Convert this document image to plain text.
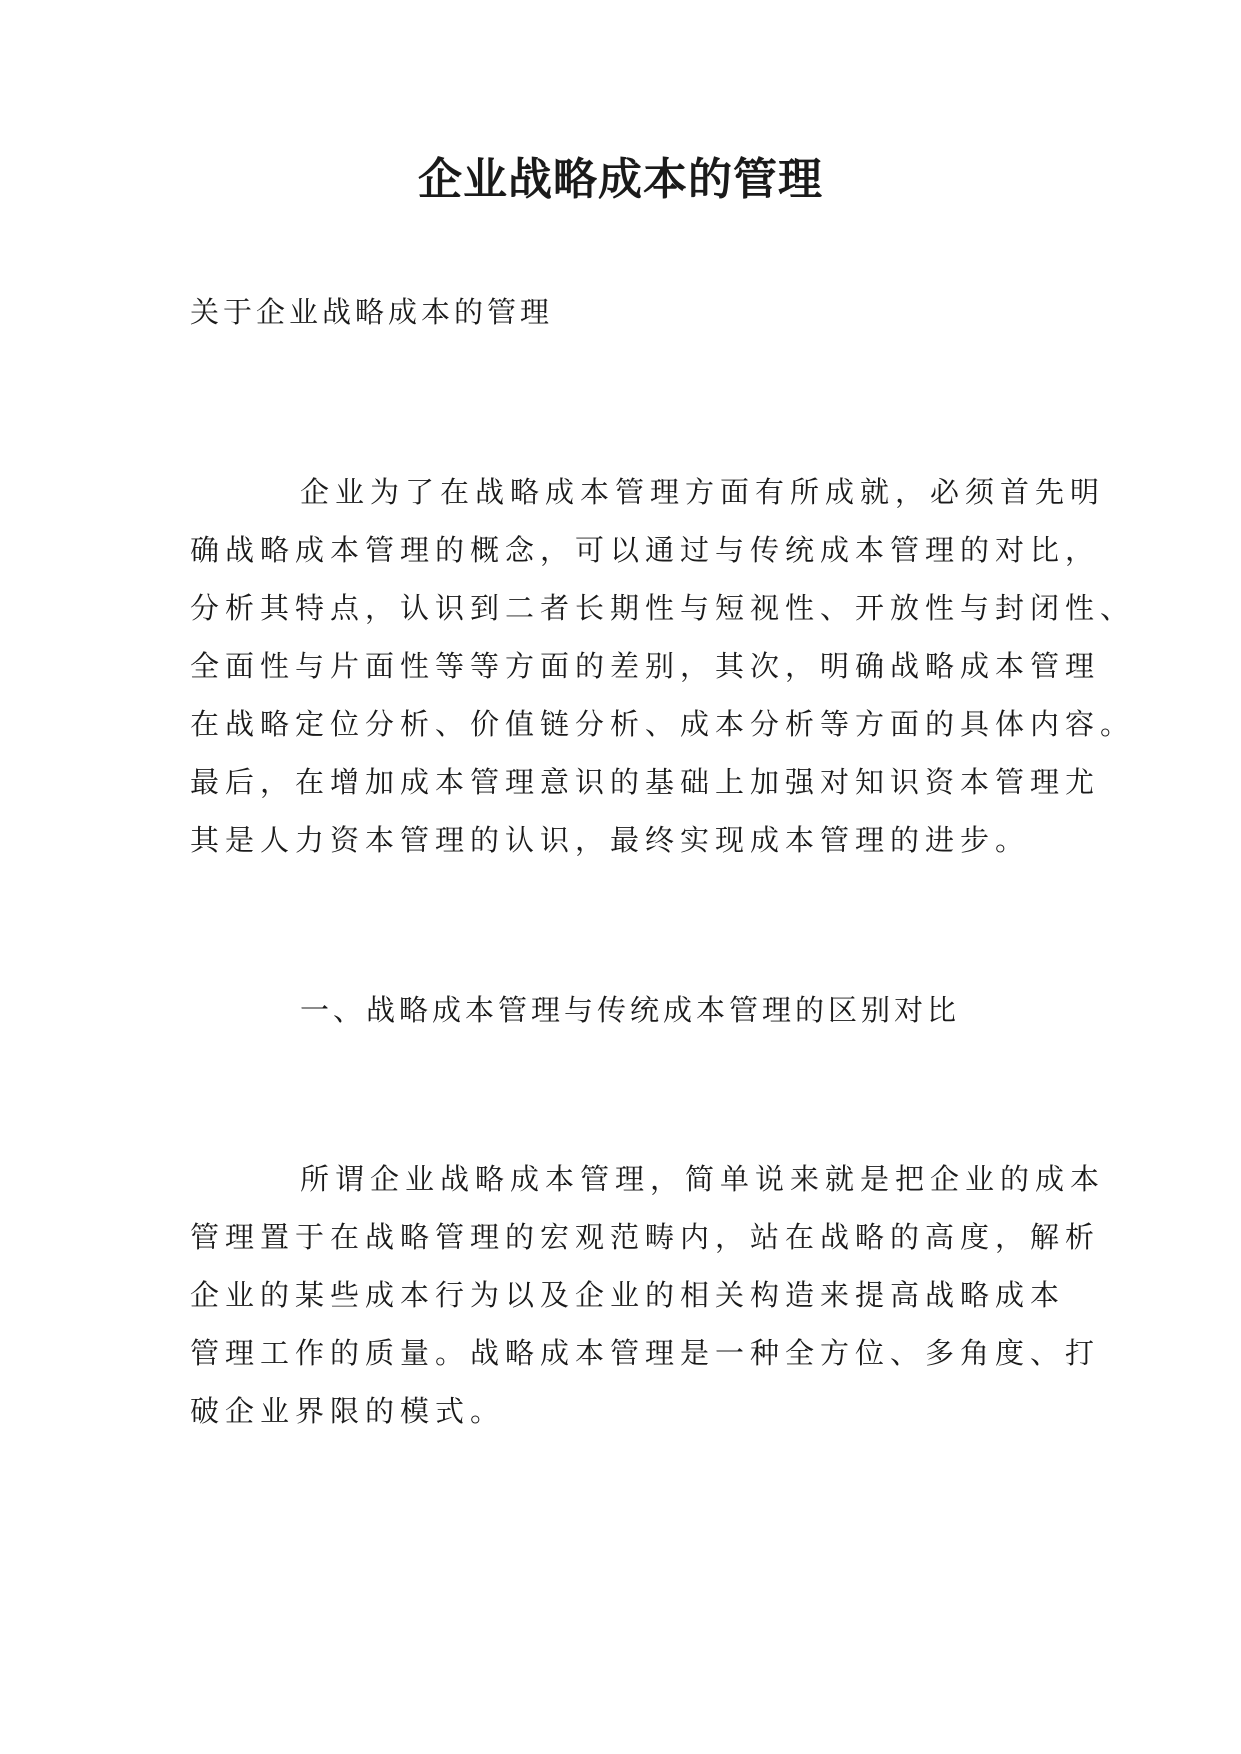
企业战略成本的管理

关于企业战略成本的管理

企业为了在战略成本管理方面有所成就，必须首先明
确战略成本管理的概念，可以通过与传统成本管理的对比，
分析其特点，认识到二者长期性与短视性、开放性与封闭性、
全面性与片面性等等方面的差别，其次，明确战略成本管理
在战略定位分析、价值链分析、成本分析等方面的具体内容。
最后，在增加成本管理意识的基础上加强对知识资本管理尤
其是人力资本管理的认识，最终实现成本管理的进步。

一、战略成本管理与传统成本管理的区别对比

所谓企业战略成本管理，简单说来就是把企业的成本
管理置于在战略管理的宏观范畴内，站在战略的高度，解析
企业的某些成本行为以及企业的相关构造来提高战略成本
管理工作的质量。战略成本管理是一种全方位、多角度、打
破企业界限的模式。
